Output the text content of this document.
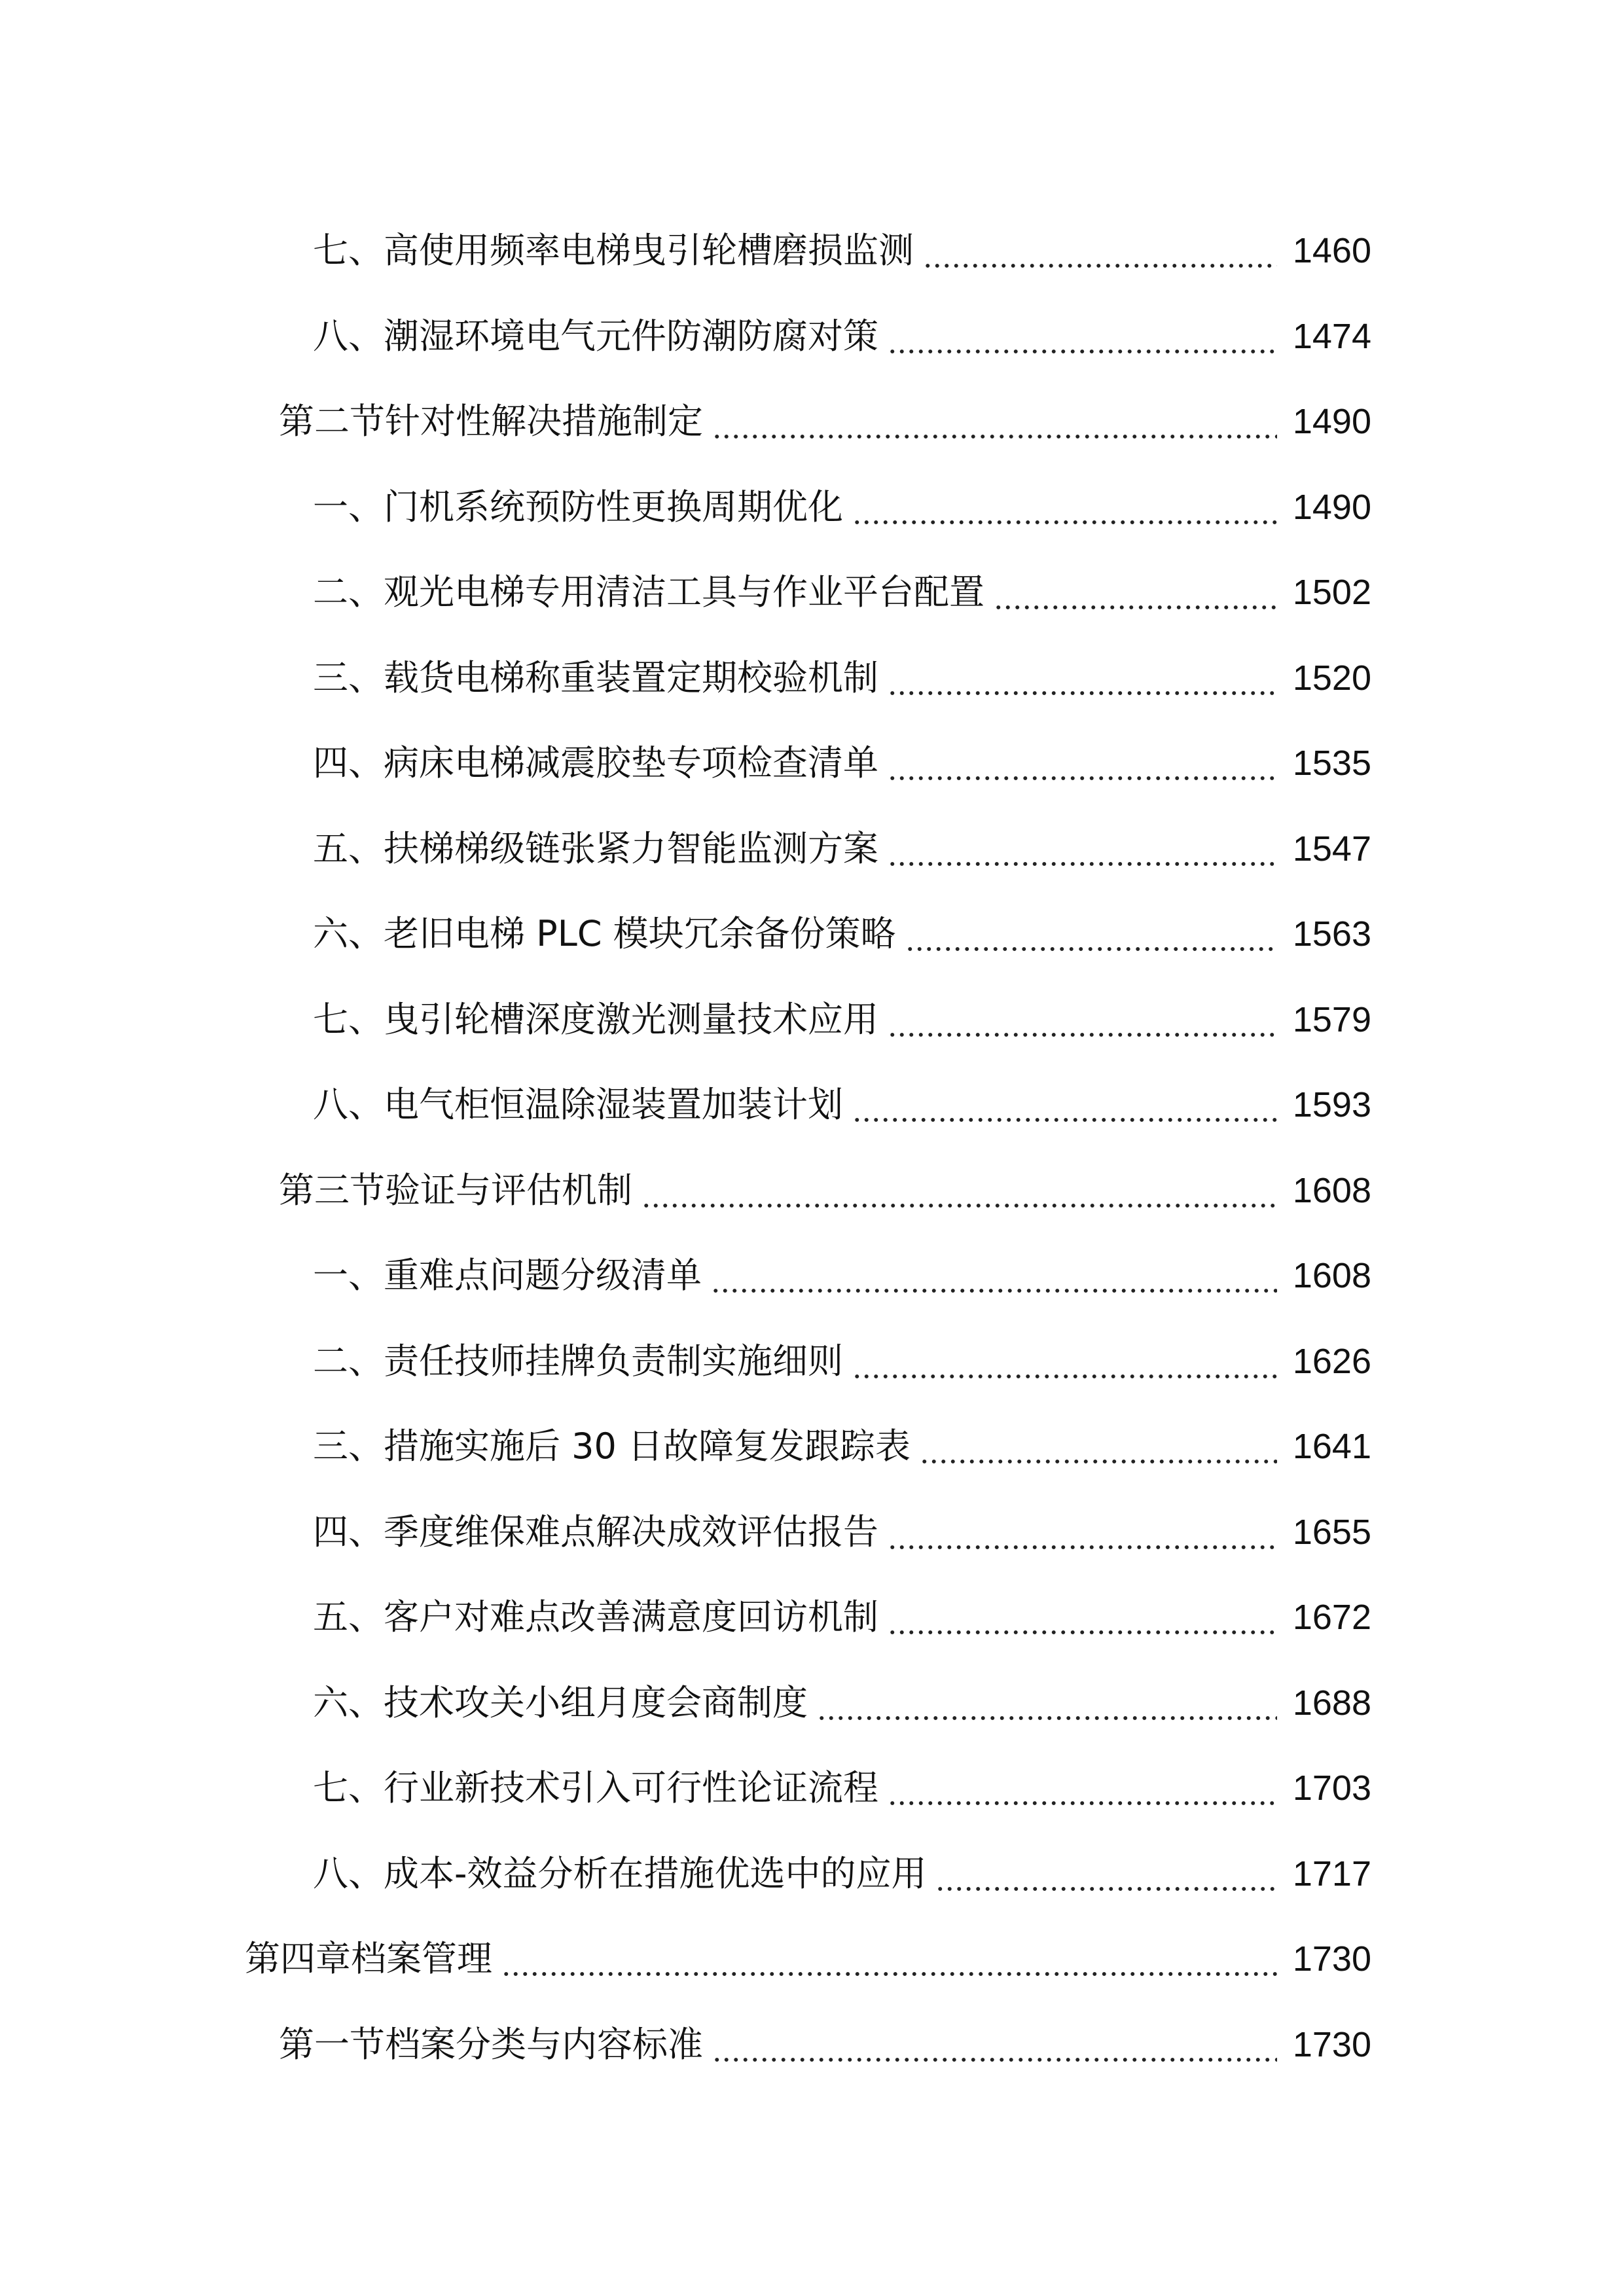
七、高使用频率电梯曳引轮槽磨损监测	1460
八、潮湿环境电气元件防潮防腐对策	1474
第二节针对性解决措施制定	1490
一、门机系统预防性更换周期优化	1490
二、观光电梯专用清洁工具与作业平台配置	1502
三、载货电梯称重装置定期校验机制	1520
四、病床电梯减震胶垫专项检查清单	1535
五、扶梯梯级链张紧力智能监测方案	1547
六、老旧电梯 PLC 模块冗余备份策略	1563
七、曳引轮槽深度激光测量技术应用	1579
八、电气柜恒温除湿装置加装计划	1593
第三节验证与评估机制	1608
一、重难点问题分级清单	1608
二、责任技师挂牌负责制实施细则	1626
三、措施实施后 30 日故障复发跟踪表	1641
四、季度维保难点解决成效评估报告	1655
五、客户对难点改善满意度回访机制	1672
六、技术攻关小组月度会商制度	1688
七、行业新技术引入可行性论证流程	1703
八、成本-效益分析在措施优选中的应用	1717
第四章档案管理	1730
第一节档案分类与内容标准	1730
